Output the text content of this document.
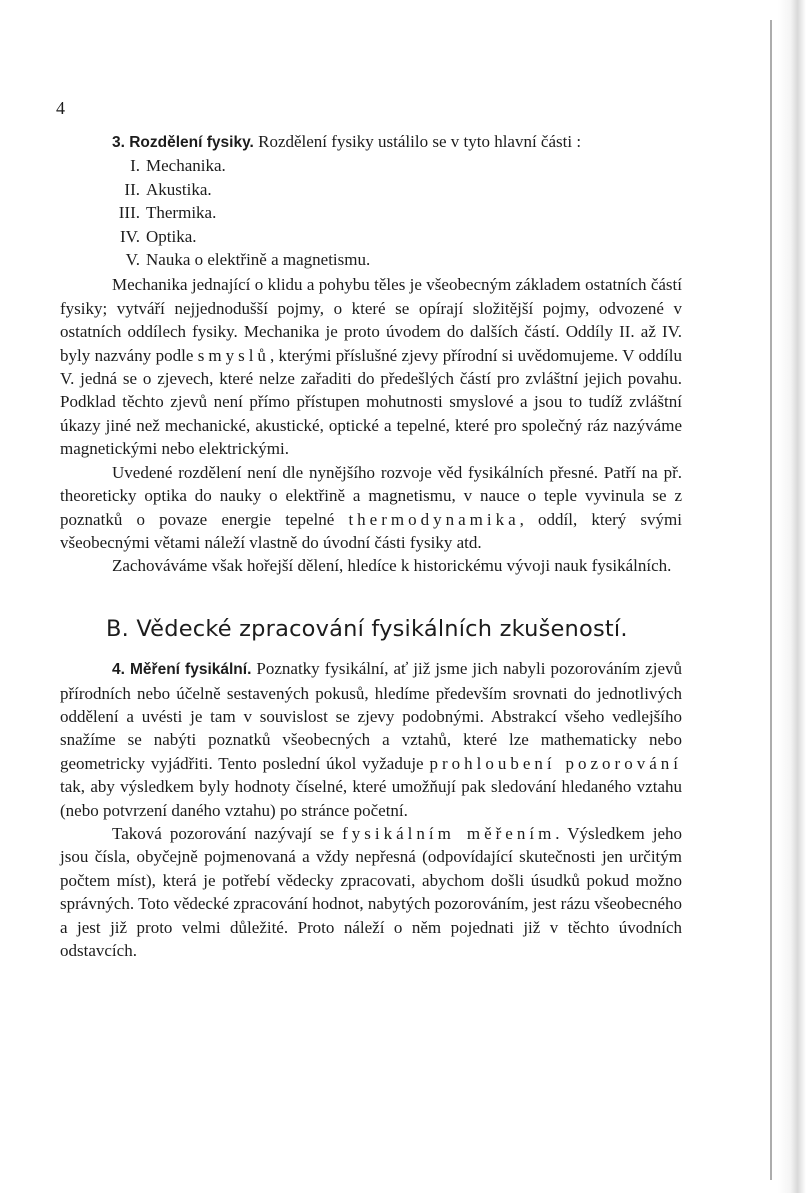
4

3. Rozdělení fysiky. Rozdělení fysiky ustálilo se v tyto hlavní části :

I. Mechanika.
II. Akustika.
III. Thermika.
IV. Optika.
V. Nauka o elektřině a magnetismu.

Mechanika jednající o klidu a pohybu těles je všeobecným základem ostatních částí fysiky; vytváří nejjednodušší pojmy, o které se opírají složitější pojmy, odvozené v ostatních oddílech fysiky. Mechanika je proto úvodem do dalších částí. Oddíly II. až IV. byly nazvány podle smyslů, kterými příslušné zjevy přírodní si uvědomujeme. V oddílu V. jedná se o zjevech, které nelze zařaditi do předešlých částí pro zvláštní jejich povahu. Podklad těchto zjevů není přímo přístupen mohutnosti smyslové a jsou to tudíž zvláštní úkazy jiné než mechanické, akustické, optické a tepelné, které pro společný ráz nazýváme magnetickými nebo elektrickými.

Uvedené rozdělení není dle nynějšího rozvoje věd fysikálních přesné. Patří na př. theoreticky optika do nauky o elektřině a magnetismu, v nauce o teple vyvinula se z poznatků o povaze energie tepelné thermodynamika, oddíl, který svými všeobecnými větami náleží vlastně do úvodní části fysiky atd.

Zachováváme však hořejší dělení, hledíce k historickému vývoji nauk fysikálních.

B. Vědecké zpracování fysikálních zkušeností.

4. Měření fysikální. Poznatky fysikální, ať již jsme jich nabyli pozorováním zjevů přírodních nebo účelně sestavených pokusů, hledíme především srovnati do jednotlivých oddělení a uvésti je tam v souvislost se zjevy podobnými. Abstrakcí všeho vedlejšího snažíme se nabýti poznatků všeobecných a vztahů, které lze mathematicky nebo geometricky vyjádřiti. Tento poslední úkol vyžaduje prohloubení pozorování tak, aby výsledkem byly hodnoty číselné, které umožňují pak sledování hledaného vztahu (nebo potvrzení daného vztahu) po stránce početní.

Taková pozorování nazývají se fysikálním měřením. Výsledkem jeho jsou čísla, obyčejně pojmenovaná a vždy nepřesná (odpovídající skutečnosti jen určitým počtem míst), která je potřebí vědecky zpracovati, abychom došli úsudků pokud možno správných. Toto vědecké zpracování hodnot, nabytých pozorováním, jest rázu všeobecného a jest již proto velmi důležité. Proto náleží o něm pojednati již v těchto úvodních odstavcích.
